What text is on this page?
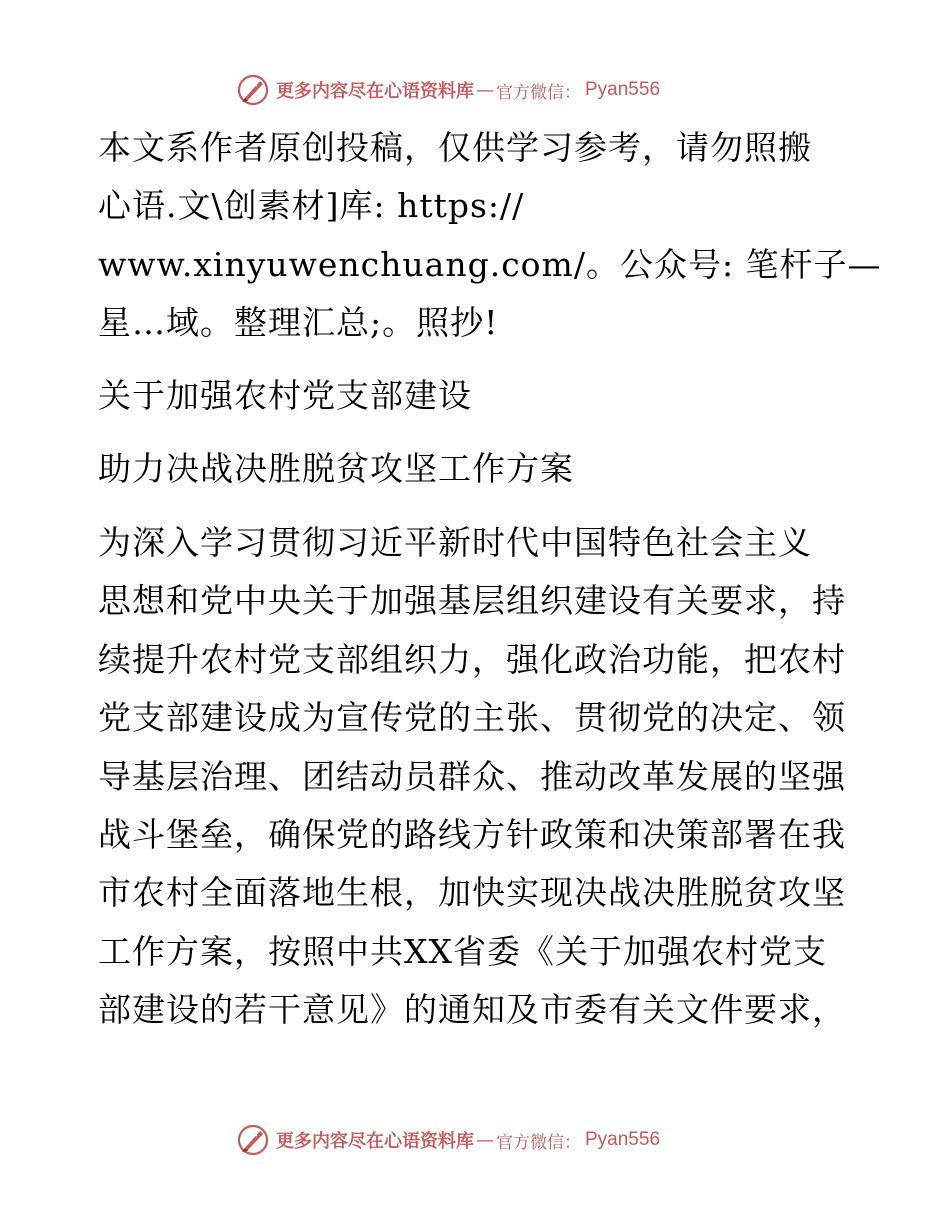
更多内容尽在心语资料库 — 官方微信： Pyan556
本文系作者原创投稿，仅供学习参考，请勿照搬
心语.文\创素材]库: https://
www.xinyuwenchuang.com/。公众号: 笔杆子—
星…域。整理汇总;。照抄!
关于加强农村党支部建设
助力决战决胜脱贫攻坚工作方案
为深入学习贯彻习近平新时代中国特色社会主义
思想和党中央关于加强基层组织建设有关要求，持
续提升农村党支部组织力，强化政治功能，把农村
党支部建设成为宣传党的主张、贯彻党的决定、领
导基层治理、团结动员群众、推动改革发展的坚强
战斗堡垒，确保党的路线方针政策和决策部署在我
市农村全面落地生根，加快实现决战决胜脱贫攻坚
工作方案，按照中共XX省委《关于加强农村党支
部建设的若干意见》的通知及市委有关文件要求，
更多内容尽在心语资料库 — 官方微信： Pyan556
